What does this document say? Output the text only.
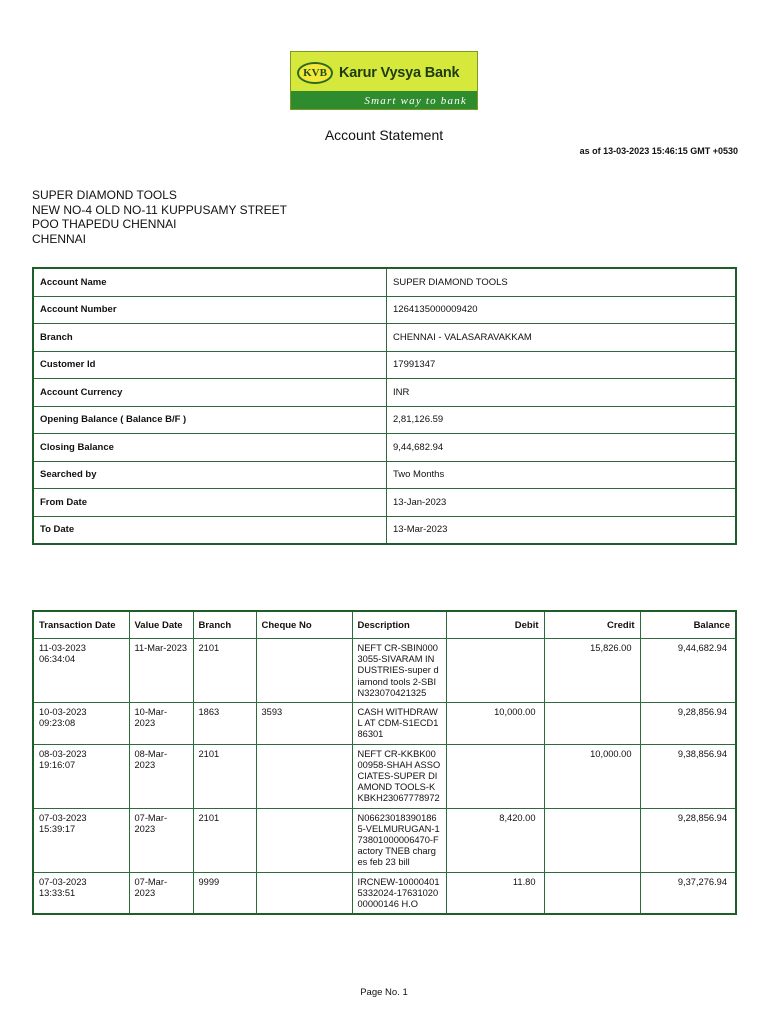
KVB Karur Vysya Bank
Smart way to bank
Account Statement
as of 13-03-2023 15:46:15 GMT +0530
SUPER DIAMOND TOOLS
NEW NO-4 OLD NO-11 KUPPUSAMY STREET
POO THAPEDU CHENNAI
CHENNAI
Account Name	SUPER DIAMOND TOOLS
Account Number	1264135000009420
Branch	CHENNAI - VALASARAVAKKAM
Customer Id	17991347
Account Currency	INR
Opening Balance ( Balance B/F )	2,81,126.59
Closing Balance	9,44,682.94
Searched by	Two Months
From Date	13-Jan-2023
To Date	13-Mar-2023
Transaction Date	Value Date	Branch	Cheque No	Description	Debit	Credit	Balance
11-03-2023 06:34:04	11-Mar-2023	2101		NEFT CR-SBIN0003055-SIVARAM INDUSTRIES-super diamond tools 2-SBIN323070421325		15,826.00	9,44,682.94
10-03-2023 09:23:08	10-Mar-2023	1863	3593	CASH WITHDRAWL AT CDM-S1ECD186301	10,000.00		9,28,856.94
08-03-2023 19:16:07	08-Mar-2023	2101		NEFT CR-KKBK0000958-SHAH ASSOCIATES-SUPER DIAMOND TOOLS-KKBKH23067778972		10,000.00	9,38,856.94
07-03-2023 15:39:17	07-Mar-2023	2101		N066230183901865-VELMURUGAN-173801000006470-Factory TNEB charges feb 23 bill	8,420.00		9,28,856.94
07-03-2023 13:33:51	07-Mar-2023	9999		IRCNEW-100004015332024-1763102000000146 H.O	11.80		9,37,276.94
Page No. 1
